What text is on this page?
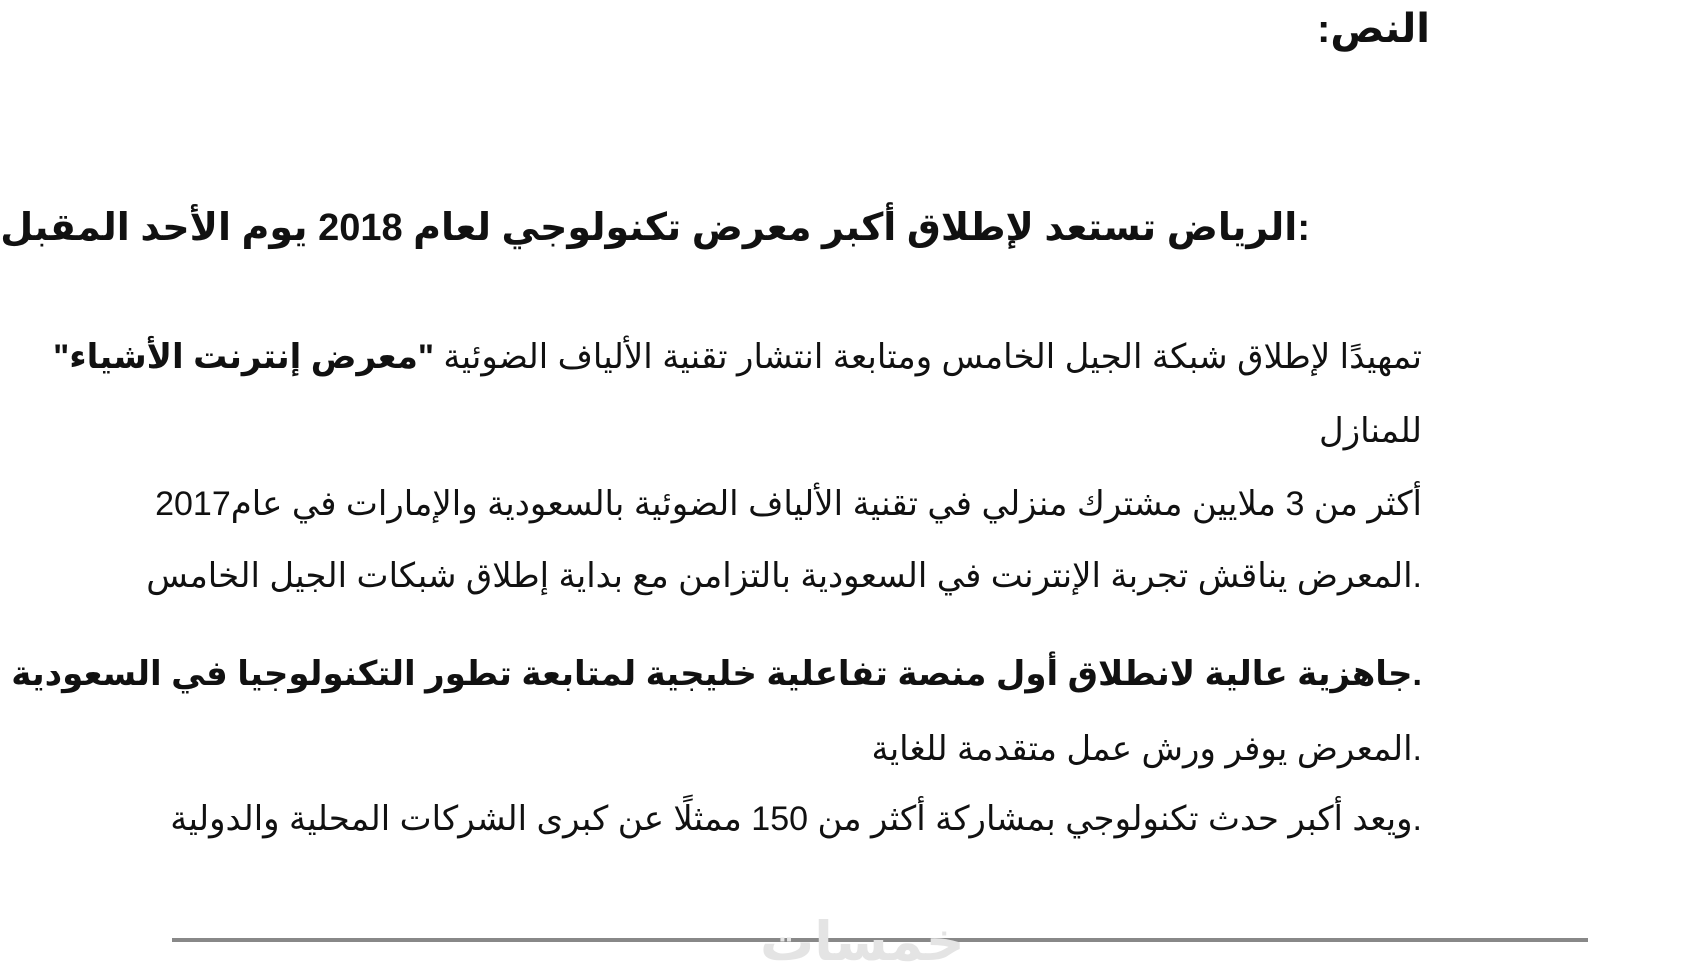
النص:
:الرياض تستعد لإطلاق أكبر معرض تكنولوجي لعام 2018 يوم الأحد المقبل
تمهيدًا لإطلاق شبكة الجيل الخامس ومتابعة انتشار تقنية الألياف الضوئية "معرض إنترنت الأشياء"
للمنازل
أكثر من 3 ملايين مشترك منزلي في تقنية الألياف الضوئية بالسعودية والإمارات في عام2017
.المعرض يناقش تجربة الإنترنت في السعودية بالتزامن مع بداية إطلاق شبكات الجيل الخامس
.جاهزية عالية لانطلاق أول منصة تفاعلية خليجية لمتابعة تطور التكنولوجيا في السعودية
.المعرض يوفر ورش عمل متقدمة للغاية
.ويعد أكبر حدث تكنولوجي بمشاركة أكثر من 150 ممثلًا عن كبرى الشركات المحلية والدولية
خمسات
